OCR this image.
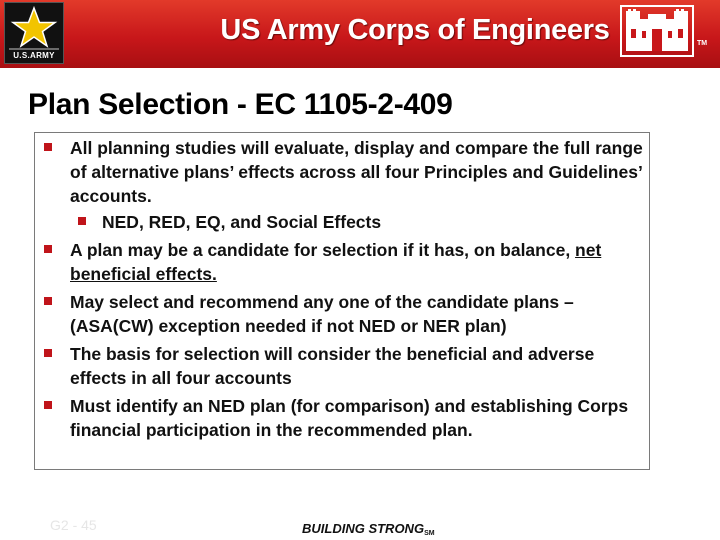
U.S.ARMY
US Army Corps of Engineers	TM
Plan Selection - EC 1105-2-409
All planning studies will evaluate, display and compare the full range of alternative plans’ effects across all four Principles and Guidelines’ accounts.
NED, RED, EQ, and Social Effects
A plan may be a candidate for selection if it has, on balance, net beneficial effects.
May select and recommend any one of the candidate plans – (ASA(CW) exception needed if not NED or NER plan)
The basis for selection will consider the beneficial and adverse effects in all four accounts
Must identify an NED plan (for comparison) and establishing Corps financial participation in the recommended plan.
G2 - 45	BUILDING $STRONG_{SM}$
